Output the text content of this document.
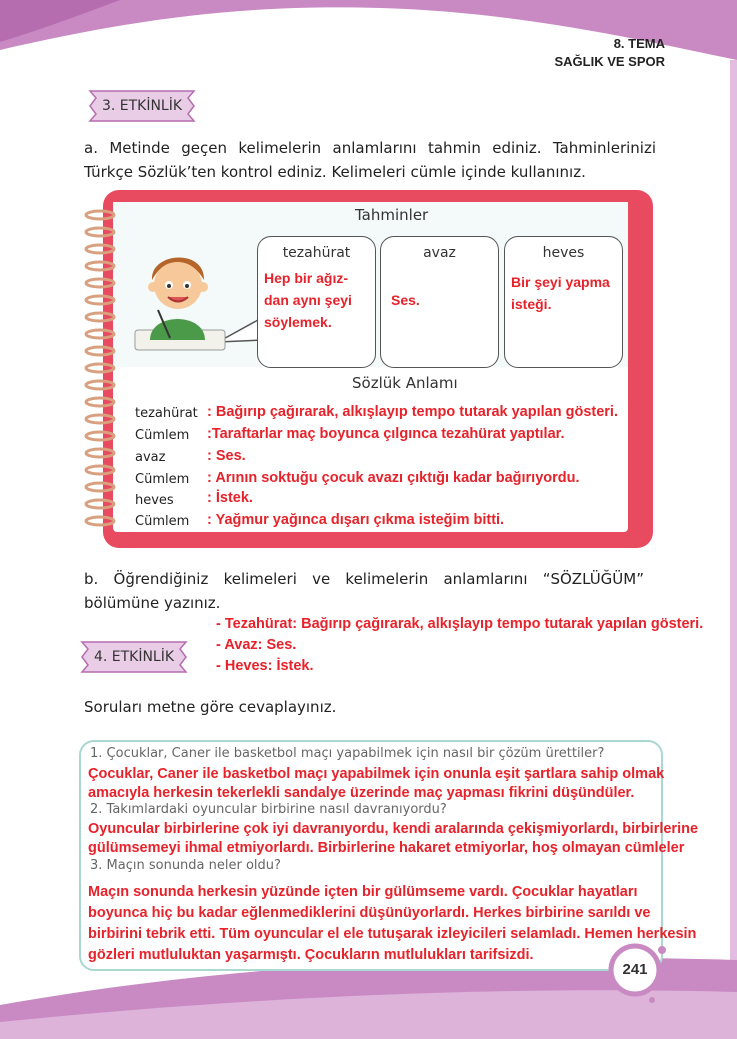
8. TEMA
SAĞLIK VE SPOR
3. ETKİNLİK
a. Metinde geçen kelimelerin anlamlarını tahmin ediniz. Tahminlerinizi Türkçe Sözlük’ten kontrol ediniz. Kelimeleri cümle içinde kullanınız.
Tahminler
tezahürat
Hep bir ağız-dan aynı şeyi söylemek.
avaz
Ses.
heves
Bir şeyi yapma isteği.
Sözlük Anlamı
tezahürat : Bağırıp çağırarak, alkışlayıp tempo tutarak yapılan gösteri.
Cümlem :Taraftarlar maç boyunca çılgınca tezahürat yaptılar.
avaz	: Ses.
Cümlem : Arının soktuğu çocuk avazı çıktığı kadar bağırıyordu.
heves : İstek.
Cümlem : Yağmur yağınca dışarı çıkma isteğim bitti.
b. Öğrendiğiniz kelimeleri ve kelimelerin anlamlarını “SÖZLÜĞÜM” bölümüne yazınız.
- Tezahürat: Bağırıp çağırarak, alkışlayıp tempo tutarak yapılan gösteri.
- Avaz: Ses.
- Heves: İstek.
4. ETKİNLİK
Soruları metne göre cevaplayınız.
1. Çocuklar, Caner ile basketbol maçı yapabilmek için nasıl bir çözüm ürettiler?
Çocuklar, Caner ile basketbol maçı yapabilmek için onunla eşit şartlara sahip olmak
amacıyla herkesin tekerlekli sandalye üzerinde maç yapması fikrini düşündüler.
2. Takımlardaki oyuncular birbirine nasıl davranıyordu?
Oyuncular birbirlerine çok iyi davranıyordu, kendi aralarında çekişmiyorlardı, birbirlerine
gülümsemeyi ihmal etmiyorlardı. Birbirlerine hakaret etmiyorlar, hoş olmayan cümleler
3. Maçın sonunda neler oldu?
Maçın sonunda herkesin yüzünde içten bir gülümseme vardı. Çocuklar hayatları
boyunca hiç bu kadar eğlenmediklerini düşünüyorlardı. Herkes birbirine sarıldı ve
birbirini tebrik etti. Tüm oyuncular el ele tutuşarak izleyicileri selamladı. Hemen herkesin
gözleri mutluluktan yaşarmıştı. Çocukların mutlulukları tarifsizdi.
241
